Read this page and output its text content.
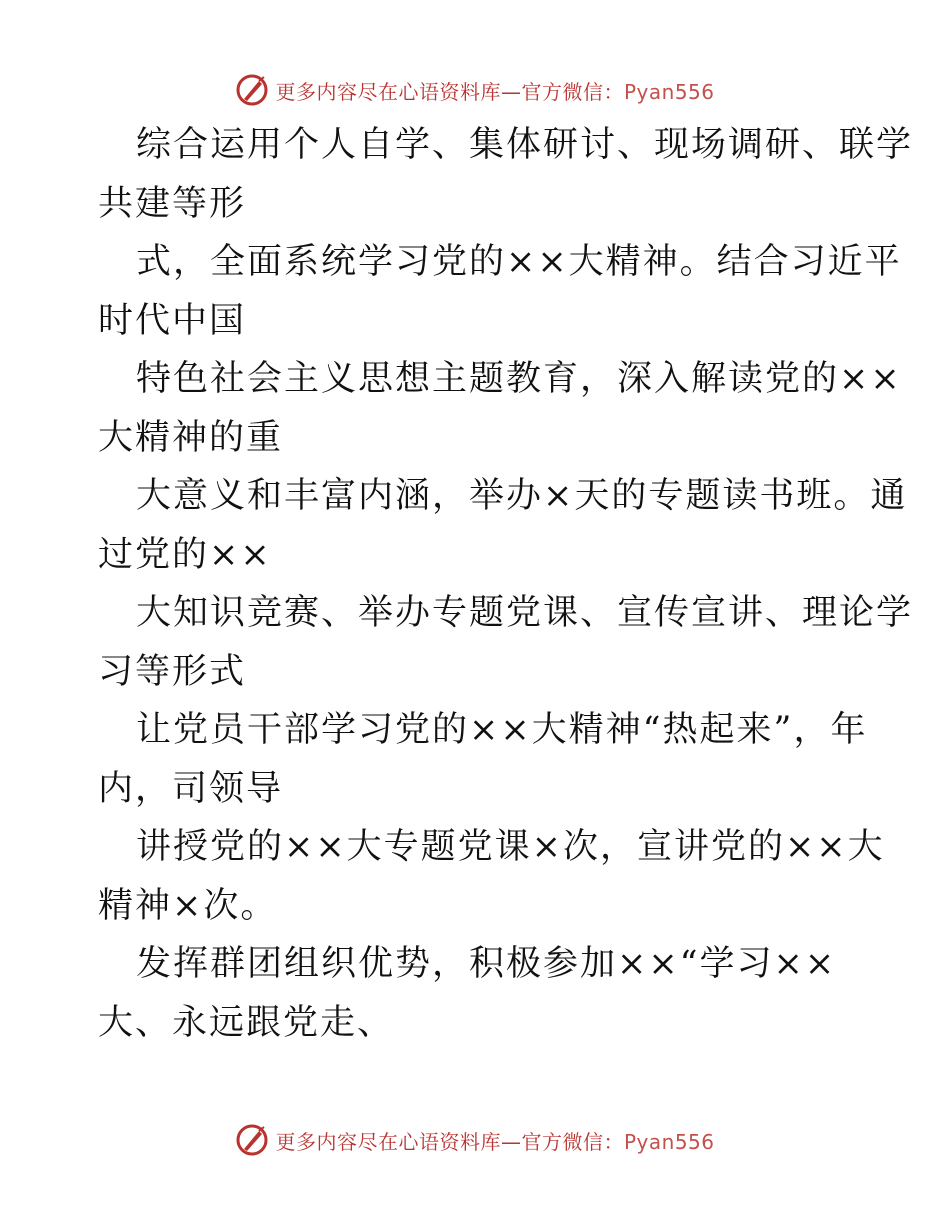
更多内容尽在心语资料库—官方微信：Pyan556
综合运用个人自学、集体研讨、现场调研、联学
共建等形
式，全面系统学习党的××大精神。结合习近平
时代中国
特色社会主义思想主题教育，深入解读党的××
大精神的重
大意义和丰富内涵，举办×天的专题读书班。通
过党的××
大知识竞赛、举办专题党课、宣传宣讲、理论学
习等形式
让党员干部学习党的××大精神“热起来”，年
内，司领导
讲授党的××大专题党课×次，宣讲党的××大
精神×次。
发挥群团组织优势，积极参加××“学习××
大、永远跟党走、
更多内容尽在心语资料库—官方微信：Pyan556
